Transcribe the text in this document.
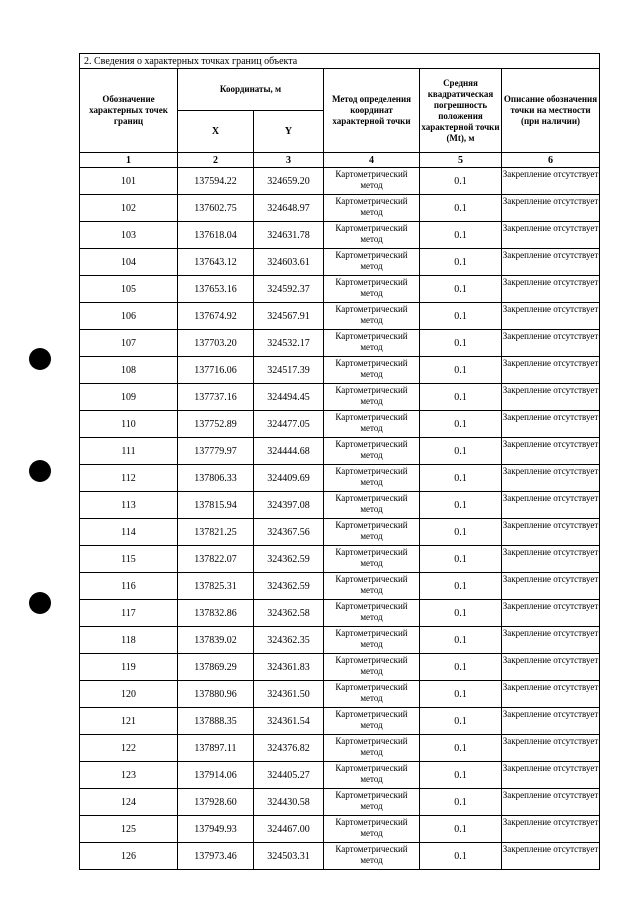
2. Сведения о характерных точках границ объекта					
Обозначение характерных точек границ	Координаты, м		Метод определения координат характерной точки	Средняя квадратическая погрешность положения характерной точки (Mt), м	Описание обозначения точки на местности (при наличии)
	X	Y			
1	2	3	4	5	6
101	137594.22	324659.20	Картометрический метод	0.1	Закрепление отсутствует
102	137602.75	324648.97	Картометрический метод	0.1	Закрепление отсутствует
103	137618.04	324631.78	Картометрический метод	0.1	Закрепление отсутствует
104	137643.12	324603.61	Картометрический метод	0.1	Закрепление отсутствует
105	137653.16	324592.37	Картометрический метод	0.1	Закрепление отсутствует
106	137674.92	324567.91	Картометрический метод	0.1	Закрепление отсутствует
107	137703.20	324532.17	Картометрический метод	0.1	Закрепление отсутствует
108	137716.06	324517.39	Картометрический метод	0.1	Закрепление отсутствует
109	137737.16	324494.45	Картометрический метод	0.1	Закрепление отсутствует
110	137752.89	324477.05	Картометрический метод	0.1	Закрепление отсутствует
111	137779.97	324444.68	Картометрический метод	0.1	Закрепление отсутствует
112	137806.33	324409.69	Картометрический метод	0.1	Закрепление отсутствует
113	137815.94	324397.08	Картометрический метод	0.1	Закрепление отсутствует
114	137821.25	324367.56	Картометрический метод	0.1	Закрепление отсутствует
115	137822.07	324362.59	Картометрический метод	0.1	Закрепление отсутствует
116	137825.31	324362.59	Картометрический метод	0.1	Закрепление отсутствует
117	137832.86	324362.58	Картометрический метод	0.1	Закрепление отсутствует
118	137839.02	324362.35	Картометрический метод	0.1	Закрепление отсутствует
119	137869.29	324361.83	Картометрический метод	0.1	Закрепление отсутствует
120	137880.96	324361.50	Картометрический метод	0.1	Закрепление отсутствует
121	137888.35	324361.54	Картометрический метод	0.1	Закрепление отсутствует
122	137897.11	324376.82	Картометрический метод	0.1	Закрепление отсутствует
123	137914.06	324405.27	Картометрический метод	0.1	Закрепление отсутствует
124	137928.60	324430.58	Картометрический метод	0.1	Закрепление отсутствует
125	137949.93	324467.00	Картометрический метод	0.1	Закрепление отсутствует
126	137973.46	324503.31	Картометрический метод	0.1	Закрепление отсутствует
